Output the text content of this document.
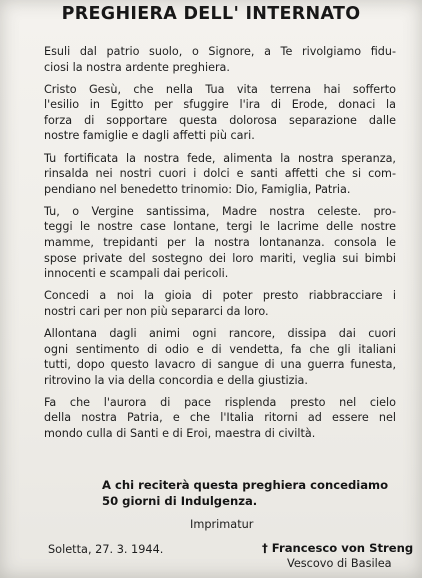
PREGHIERA DELL' INTERNATO

Esuli dal patrio suolo, o Signore, a Te rivolgiamo fidu-
ciosi la nostra ardente preghiera.

Cristo Gesù, che nella Tua vita terrena hai sofferto
l'esilio in Egitto per sfuggire l'ira di Erode, donaci la
forza di sopportare questa dolorosa separazione dalle
nostre famiglie e dagli affetti più cari.

Tu fortificata la nostra fede, alimenta la nostra speranza,
rinsalda nei nostri cuori i dolci e santi affetti che si com-
pendiano nel benedetto trinomio: Dio, Famiglia, Patria.

Tu, o Vergine santissima, Madre nostra celeste. pro-
teggi le nostre case lontane, tergi le lacrime delle nostre
mamme, trepidanti per la nostra lontananza. consola le
spose private del sostegno dei loro mariti, veglia sui bimbi
innocenti e scampali dai pericoli.

Concedi a noi la gioia di poter presto riabbracciare i
nostri cari per non più separarci da loro.

Allontana dagli animi ogni rancore, dissipa dai cuori
ogni sentimento di odio e di vendetta, fa che gli italiani
tutti, dopo questo lavacro di sangue di una guerra funesta,
ritrovino la via della concordia e della giustizia.

Fa che l'aurora di pace risplenda presto nel cielo
della nostra Patria, e che l'Italia ritorni ad essere nel
mondo culla di Santi e di Eroi, maestra di civiltà.

A chi reciterà questa preghiera concediamo
50 giorni di Indulgenza.
Imprimatur
Soletta, 27. 3. 1944.	† Francesco von Streng
Vescovo di Basilea
